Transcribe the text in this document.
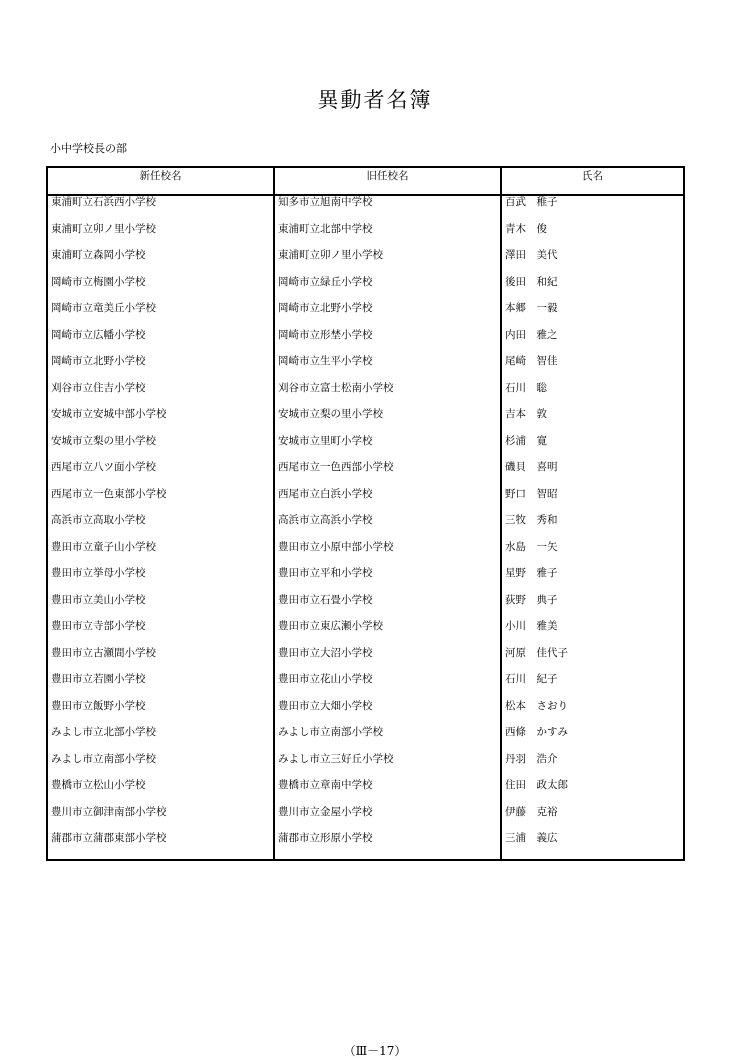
異動者名簿

小中学校長の部

新任校名	旧任校名	氏名
東浦町立石浜西小学校	知多市立旭南中学校	百武　稚子
東浦町立卯ノ里小学校	東浦町立北部中学校	青木　俊
東浦町立森岡小学校	東浦町立卯ノ里小学校	澤田　美代
岡崎市立梅園小学校	岡崎市立緑丘小学校	後田　和紀
岡崎市立竜美丘小学校	岡崎市立北野小学校	本郷　一毅
岡崎市立広幡小学校	岡崎市立形埜小学校	内田　雅之
岡崎市立北野小学校	岡崎市立生平小学校	尾崎　智佳
刈谷市立住吉小学校	刈谷市立富士松南小学校	石川　聡
安城市立安城中部小学校	安城市立梨の里小学校	吉本　敦
安城市立梨の里小学校	安城市立里町小学校	杉浦　寛
西尾市立八ツ面小学校	西尾市立一色西部小学校	磯貝　喜明
西尾市立一色東部小学校	西尾市立白浜小学校	野口　智昭
高浜市立高取小学校	高浜市立高浜小学校	三牧　秀和
豊田市立童子山小学校	豊田市立小原中部小学校	水島　一矢
豊田市立挙母小学校	豊田市立平和小学校	星野　雅子
豊田市立美山小学校	豊田市立石畳小学校	荻野　典子
豊田市立寺部小学校	豊田市立東広瀬小学校	小川　雅美
豊田市立古瀬間小学校	豊田市立大沼小学校	河原　佳代子
豊田市立若園小学校	豊田市立花山小学校	石川　紀子
豊田市立飯野小学校	豊田市立大畑小学校	松本　さおり
みよし市立北部小学校	みよし市立南部小学校	西條　かすみ
みよし市立南部小学校	みよし市立三好丘小学校	丹羽　浩介
豊橋市立松山小学校	豊橋市立章南中学校	住田　政太郎
豊川市立御津南部小学校	豊川市立金屋小学校	伊藤　克裕
蒲郡市立蒲郡東部小学校	蒲郡市立形原小学校	三浦　義広

（Ⅲ－17）
